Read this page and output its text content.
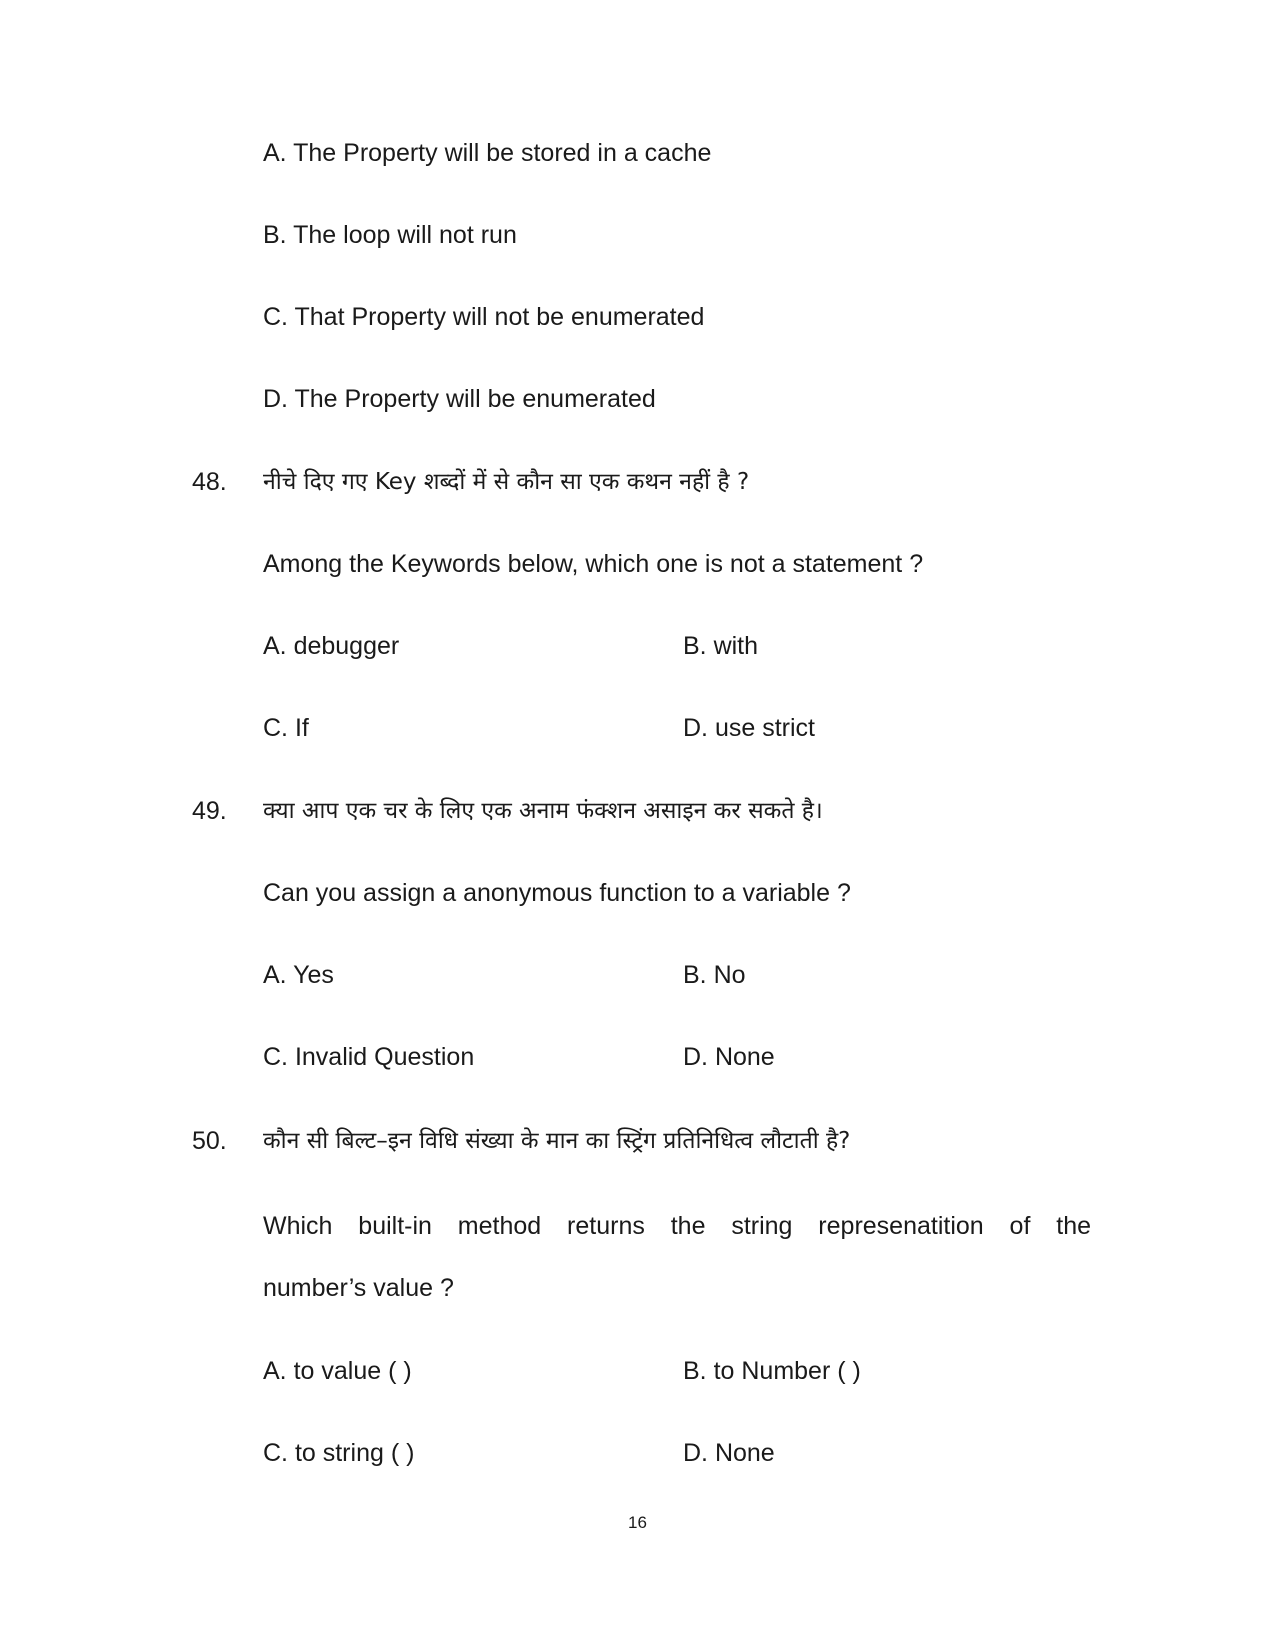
A. The Property will be stored in a cache
B. The loop will not run
C. That Property will not be enumerated
D. The Property will be enumerated
48. नीचे दिए गए Key शब्दों में से कौन सा एक कथन नहीं है ?
Among the Keywords below, which one is not a statement ?
A. debugger	B. with
C. If	D. use strict
49. क्या आप एक चर के लिए एक अनाम फंक्शन असाइन कर सकते है।
Can you assign a anonymous function to a variable ?
A. Yes	B. No
C. Invalid Question	D. None
50. कौन सी बिल्ट–इन विधि संख्या के मान का स्ट्रिंग प्रतिनिधित्व लौटाती है?
Which built-in method returns the string represenatition of the
number’s value ?
A. to value ( )	B. to Number ( )
C. to string ( )	D. None
16
